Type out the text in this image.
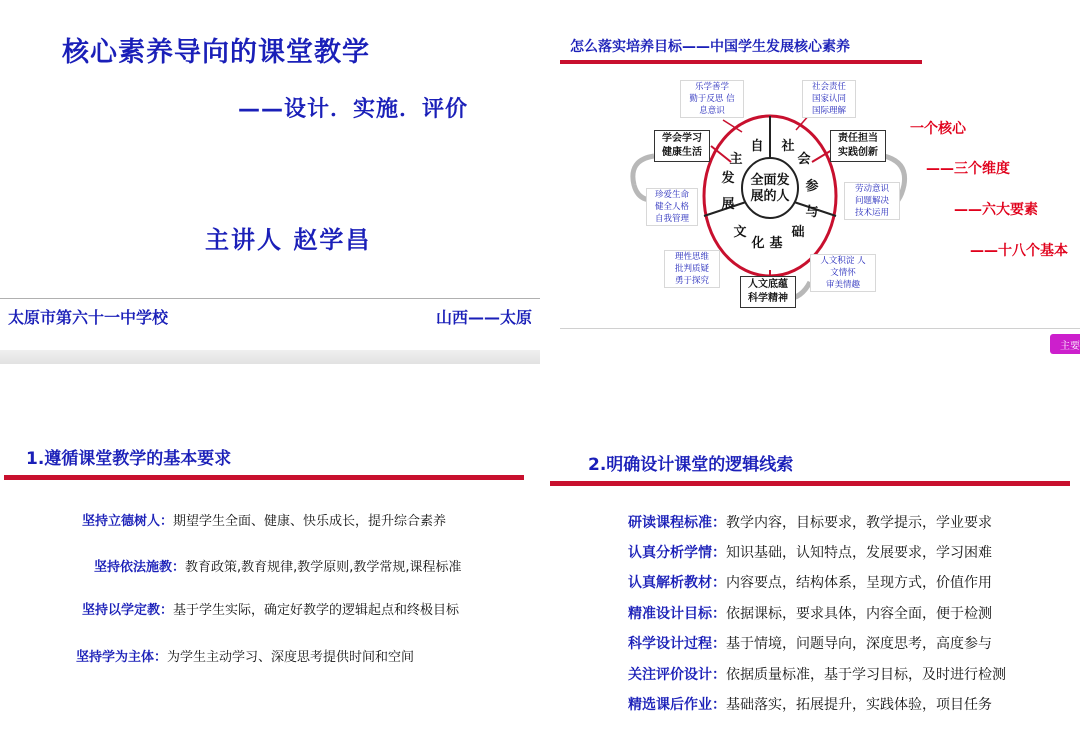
核心素养导向的课堂教学
——设计．实施．评价
主讲人 赵学昌
太原市第六十一中学校	山西——太原
怎么落实培养目标——中国学生发展核心素养
全面发
展的人
自
主
发
展
社
会
参
与
文
化 基
础
乐学善学
勤于反思 信
息意识
珍爱生命
健全人格
自我管理
社会责任
国家认同
国际理解
劳动意识
问题解决
技术运用
理性思维
批判质疑
勇于探究
人文积淀 人
文情怀
审美情趣
学会学习
健康生活
责任担当
实践创新
人文底蕴
科学精神
一个核心
——三个维度
——六大要素
——十八个基本
主要
1.遵循课堂教学的基本要求
坚持立德树人：期望学生全面、健康、快乐成长，提升综合素养
坚持依法施教：教育政策,教育规律,教学原则,教学常规,课程标准
坚持以学定教：基于学生实际，确定好教学的逻辑起点和终极目标
坚持学为主体：为学生主动学习、深度思考提供时间和空间
2.明确设计课堂的逻辑线索
研读课程标准：教学内容，目标要求，教学提示，学业要求
认真分析学情：知识基础，认知特点，发展要求，学习困难
认真解析教材：内容要点，结构体系，呈现方式，价值作用
精准设计目标：依据课标，要求具体，内容全面，便于检测
科学设计过程：基于情境，问题导向，深度思考，高度参与
关注评价设计：依据质量标准，基于学习目标，及时进行检测
精选课后作业：基础落实，拓展提升，实践体验，项目任务
